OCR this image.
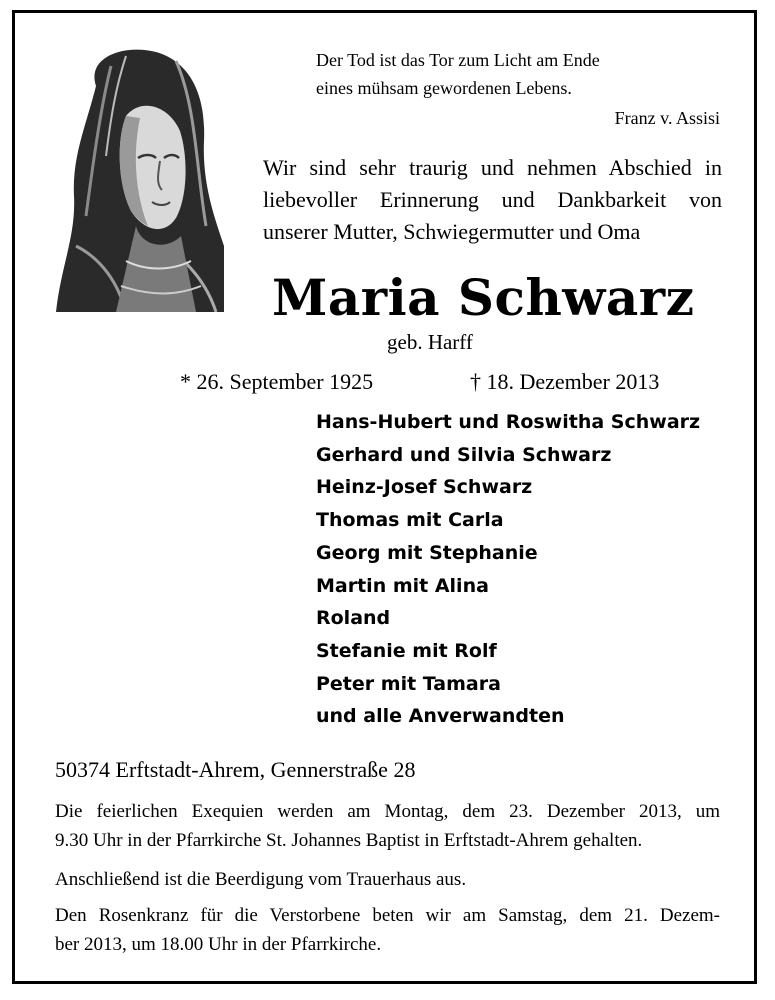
Der Tod ist das Tor zum Licht am Ende
eines mühsam gewordenen Lebens.
Franz v. Assisi
Wir sind sehr traurig und nehmen Abschied in
liebevoller Erinnerung und Dankbarkeit von
unserer Mutter, Schwiegermutter und Oma
Maria Schwarz
geb. Harff
* 26. September 1925	† 18. Dezember 2013
Hans-Hubert und Roswitha Schwarz
Gerhard und Silvia Schwarz
Heinz-Josef Schwarz
Thomas mit Carla
Georg mit Stephanie
Martin mit Alina
Roland
Stefanie mit Rolf
Peter mit Tamara
und alle Anverwandten
50374 Erftstadt-Ahrem, Gennerstraße 28
Die feierlichen Exequien werden am Montag, dem 23. Dezember 2013, um
9.30 Uhr in der Pfarrkirche St. Johannes Baptist in Erftstadt-Ahrem gehalten.
Anschließend ist die Beerdigung vom Trauerhaus aus.
Den Rosenkranz für die Verstorbene beten wir am Samstag, dem 21. Dezem-
ber 2013, um 18.00 Uhr in der Pfarrkirche.
